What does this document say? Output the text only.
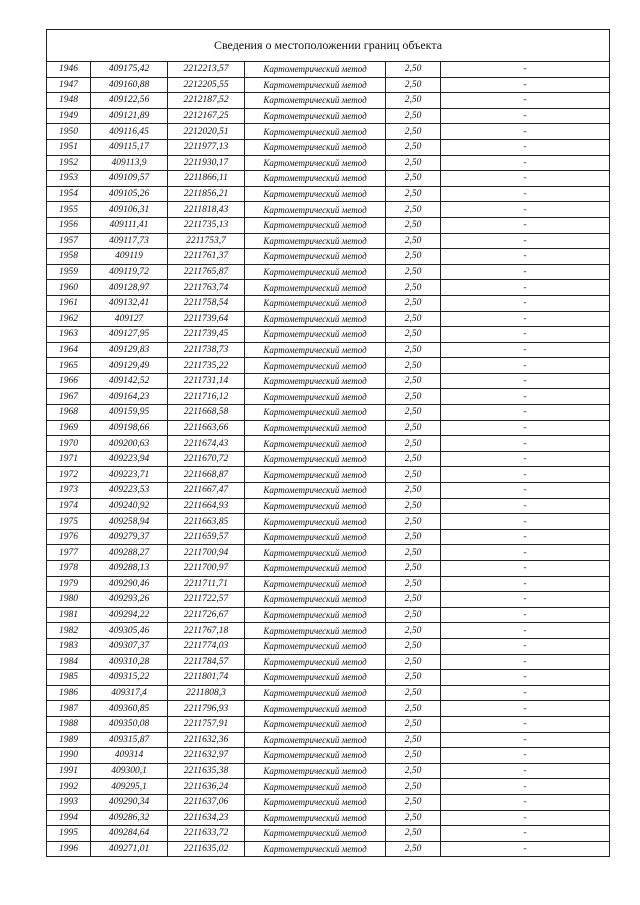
Сведения о местоположении границ объекта					
1946	409175,42	2212213,57	Картометрический метод	2,50	-
1947	409160,88	2212205,55	Картометрический метод	2,50	-
1948	409122,56	2212187,52	Картометрический метод	2,50	-
1949	409121,89	2212167,25	Картометрический метод	2,50	-
1950	409116,45	2212020,51	Картометрический метод	2,50	-
1951	409115,17	2211977,13	Картометрический метод	2,50	-
1952	409113,9	2211930,17	Картометрический метод	2,50	-
1953	409109,57	2211866,11	Картометрический метод	2,50	-
1954	409105,26	2211856,21	Картометрический метод	2,50	-
1955	409106,31	2211818,43	Картометрический метод	2,50	-
1956	409111,41	2211735,13	Картометрический метод	2,50	-
1957	409117,73	2211753,7	Картометрический метод	2,50	-
1958	409119	2211761,37	Картометрический метод	2,50	-
1959	409119,72	2211765,87	Картометрический метод	2,50	-
1960	409128,97	2211763,74	Картометрический метод	2,50	-
1961	409132,41	2211758,54	Картометрический метод	2,50	-
1962	409127	2211739,64	Картометрический метод	2,50	-
1963	409127,95	2211739,45	Картометрический метод	2,50	-
1964	409129,83	2211738,73	Картометрический метод	2,50	-
1965	409129,49	2211735,22	Картометрический метод	2,50	-
1966	409142,52	2211731,14	Картометрический метод	2,50	-
1967	409164,23	2211716,12	Картометрический метод	2,50	-
1968	409159,95	2211668,58	Картометрический метод	2,50	-
1969	409198,66	2211663,66	Картометрический метод	2,50	-
1970	409200,63	2211674,43	Картометрический метод	2,50	-
1971	409223,94	2211670,72	Картометрический метод	2,50	-
1972	409223,71	2211668,87	Картометрический метод	2,50	-
1973	409223,53	2211667,47	Картометрический метод	2,50	-
1974	409240,92	2211664,93	Картометрический метод	2,50	-
1975	409258,94	2211663,85	Картометрический метод	2,50	-
1976	409279,37	2211659,57	Картометрический метод	2,50	-
1977	409288,27	2211700,94	Картометрический метод	2,50	-
1978	409288,13	2211700,97	Картометрический метод	2,50	-
1979	409290,46	2211711,71	Картометрический метод	2,50	-
1980	409293,26	2211722,57	Картометрический метод	2,50	-
1981	409294,22	2211726,67	Картометрический метод	2,50	-
1982	409305,46	2211767,18	Картометрический метод	2,50	-
1983	409307,37	2211774,03	Картометрический метод	2,50	-
1984	409310,28	2211784,57	Картометрический метод	2,50	-
1985	409315,22	2211801,74	Картометрический метод	2,50	-
1986	409317,4	2211808,3	Картометрический метод	2,50	-
1987	409360,85	2211796,93	Картометрический метод	2,50	-
1988	409350,08	2211757,91	Картометрический метод	2,50	-
1989	409315,87	2211632,36	Картометрический метод	2,50	-
1990	409314	2211632,97	Картометрический метод	2,50	-
1991	409300,1	2211635,38	Картометрический метод	2,50	-
1992	409295,1	2211636,24	Картометрический метод	2,50	-
1993	409290,34	2211637,06	Картометрический метод	2,50	-
1994	409286,32	2211634,23	Картометрический метод	2,50	-
1995	409284,64	2211633,72	Картометрический метод	2,50	-
1996	409271,01	2211635,02	Картометрический метод	2,50	-
